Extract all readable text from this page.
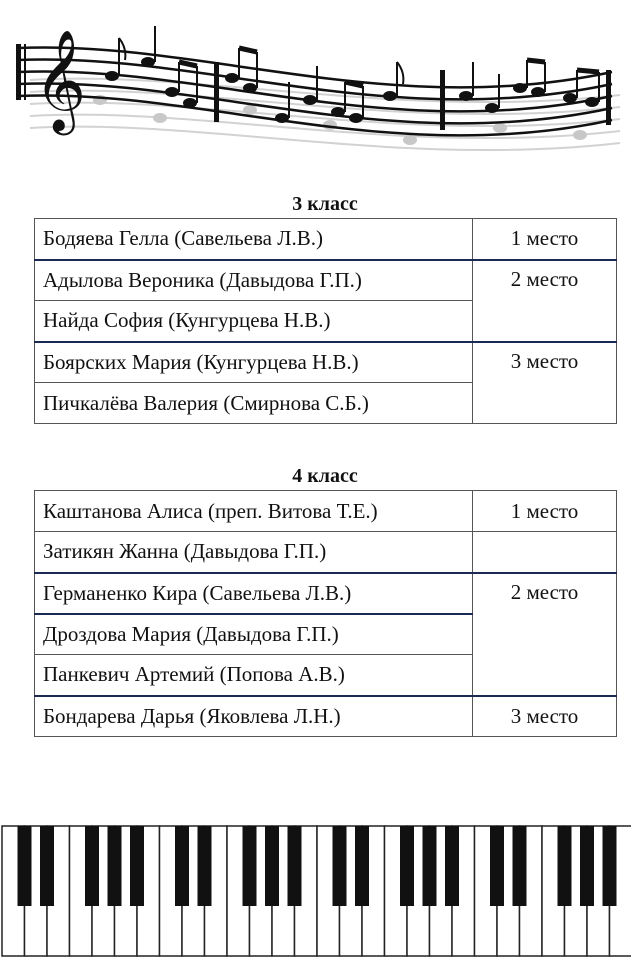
𝄞
3 класс
Бодяева Гелла (Савельева Л.В.)	1 место
Адылова Вероника (Давыдова Г.П.)	2 место
Найда София (Кунгурцева Н.В.)	
Боярских Мария (Кунгурцева Н.В.)	3 место
Пичкалёва Валерия (Смирнова С.Б.)	
4 класс
Каштанова Алиса (преп. Витова Т.Е.)	1 место
Затикян Жанна (Давыдова Г.П.)	
Германенко Кира (Савельева Л.В.)	2 место
Дроздова Мария (Давыдова Г.П.)	
Панкевич Артемий (Попова А.В.)	
Бондарева Дарья (Яковлева Л.Н.)	3 место
